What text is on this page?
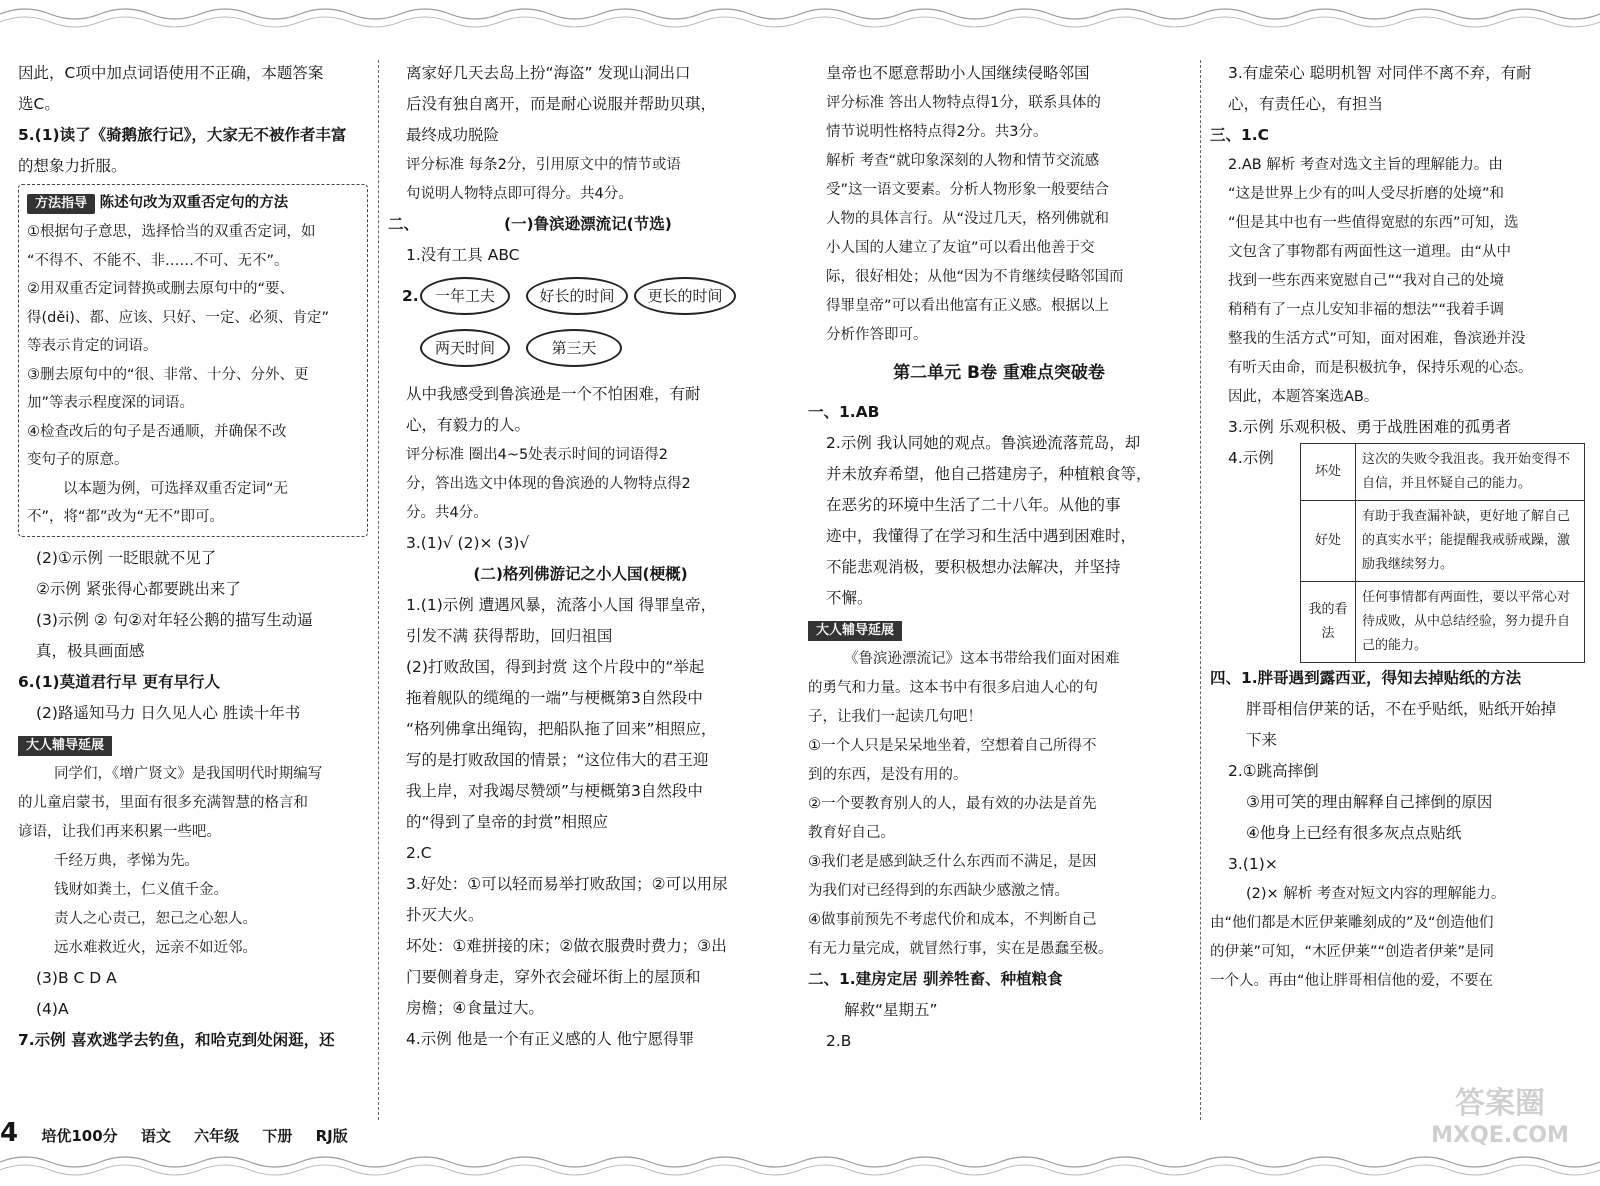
因此，C项中加点词语使用不正确，本题答案

选C。

5.(1)读了《骑鹅旅行记》，大家无不被作者丰富

的想象力折服。

方法指导 陈述句改为双重否定句的方法

①根据句子意思，选择恰当的双重否定词，如

“不得不、不能不、非……不可、无不”。

②用双重否定词替换或删去原句中的“要、

得(děi)、都、应该、只好、一定、必须、肯定”

等表示肯定的词语。

③删去原句中的“很、非常、十分、分外、更

加”等表示程度深的词语。

④检查改后的句子是否通顺，并确保不改

变句子的原意。

以本题为例，可选择双重否定词“无

不”，将“都”改为“无不”即可。

(2)①示例 一眨眼就不见了

②示例 紧张得心都要跳出来了

(3)示例 ② 句②对年轻公鹅的描写生动逼

真，极具画面感

6.(1)莫道君行早 更有早行人

(2)路遥知马力 日久见人心 胜读十年书

大人辅导延展

同学们，《增广贤文》是我国明代时期编写

的儿童启蒙书，里面有很多充满智慧的格言和

谚语，让我们再来积累一些吧。

千经万典，孝悌为先。

钱财如粪土，仁义值千金。

责人之心责己，恕己之心恕人。

远水难救近火，远亲不如近邻。

(3)B C D A

(4)A

7.示例 喜欢逃学去钓鱼，和哈克到处闲逛，还

离家好几天去岛上扮“海盗” 发现山洞出口

后没有独自离开，而是耐心说服并帮助贝琪，

最终成功脱险

评分标准 每条2分，引用原文中的情节或语

句说明人物特点即可得分。共4分。

二、	(一)鲁滨逊漂流记(节选)

1.没有工具 ABC

2.	一年工夫	好长的时间	更长的时间
两天时间	第三天

从中我感受到鲁滨逊是一个不怕困难，有耐

心，有毅力的人。

评分标准 圈出4~5处表示时间的词语得2

分，答出选文中体现的鲁滨逊的人物特点得2

分。共4分。

3.(1)√ (2)× (3)√

(二)格列佛游记之小人国(梗概)

1.(1)示例 遭遇风暴，流落小人国 得罪皇帝，

引发不满 获得帮助，回归祖国

(2)打败敌国，得到封赏 这个片段中的“举起

拖着舰队的缆绳的一端”与梗概第3自然段中

“格列佛拿出绳钩，把船队拖了回来”相照应，

写的是打败敌国的情景；“这位伟大的君王迎

我上岸，对我竭尽赞颂”与梗概第3自然段中

的“得到了皇帝的封赏”相照应

2.C

3.好处：①可以轻而易举打败敌国；②可以用尿

扑灭大火。

坏处：①难拼接的床；②做衣服费时费力；③出

门要侧着身走，穿外衣会碰坏街上的屋顶和

房檐；④食量过大。

4.示例 他是一个有正义感的人 他宁愿得罪

皇帝也不愿意帮助小人国继续侵略邻国

评分标准 答出人物特点得1分，联系具体的

情节说明性格特点得2分。共3分。

解析 考查“就印象深刻的人物和情节交流感

受”这一语文要素。分析人物形象一般要结合

人物的具体言行。从“没过几天，格列佛就和

小人国的人建立了友谊”可以看出他善于交

际，很好相处；从他“因为不肯继续侵略邻国而

得罪皇帝”可以看出他富有正义感。根据以上

分析作答即可。

第二单元 B卷 重难点突破卷

一、1.AB

2.示例 我认同她的观点。鲁滨逊流落荒岛，却

并未放弃希望，他自己搭建房子，种植粮食等，

在恶劣的环境中生活了二十八年。从他的事

迹中，我懂得了在学习和生活中遇到困难时，

不能悲观消极，要积极想办法解决，并坚持

不懈。

大人辅导延展

《鲁滨逊漂流记》这本书带给我们面对困难

的勇气和力量。这本书中有很多启迪人心的句

子，让我们一起读几句吧！

①一个人只是呆呆地坐着，空想着自己所得不

到的东西，是没有用的。

②一个要教育别人的人，最有效的办法是首先

教育好自己。

③我们老是感到缺乏什么东西而不满足，是因

为我们对已经得到的东西缺少感激之情。

④做事前预先不考虑代价和成本，不判断自己

有无力量完成，就冒然行事，实在是愚蠢至极。

二、1.建房定居 驯养牲畜、种植粮食

解救“星期五”

2.B

3.有虚荣心 聪明机智 对同伴不离不弃，有耐

心，有责任心，有担当

三、1.C

2.AB 解析 考查对选文主旨的理解能力。由

“这是世界上少有的叫人受尽折磨的处境”和

“但是其中也有一些值得宽慰的东西”可知，选

文包含了事物都有两面性这一道理。由“从中

找到一些东西来宽慰自己”“我对自己的处境

稍稍有了一点儿安知非福的想法”“我着手调

整我的生活方式”可知，面对困难，鲁滨逊并没

有听天由命，而是积极抗争，保持乐观的心态。

因此，本题答案选AB。

3.示例 乐观积极、勇于战胜困难的孤勇者

4.示例

坏处	这次的失败令我沮丧。我开始变得不自信，并且怀疑自己的能力。
好处	有助于我查漏补缺，更好地了解自己的真实水平；能提醒我戒骄戒躁，激励我继续努力。
我的看法	任何事情都有两面性，要以平常心对待成败，从中总结经验，努力提升自己的能力。

四、1.胖哥遇到露西亚，得知去掉贴纸的方法

胖哥相信伊莱的话，不在乎贴纸，贴纸开始掉

下来

2.①跳高摔倒

③用可笑的理由解释自己摔倒的原因

④他身上已经有很多灰点点贴纸

3.(1)×

(2)× 解析 考查对短文内容的理解能力。

由“他们都是木匠伊莱雕刻成的”及“创造他们

的伊莱”可知，“木匠伊莱”“创造者伊莱”是同

一个人。再由“他让胖哥相信他的爱，不要在

答案圈
MXQE.COM
4 培优100分 语文 六年级 下册 RJ版
